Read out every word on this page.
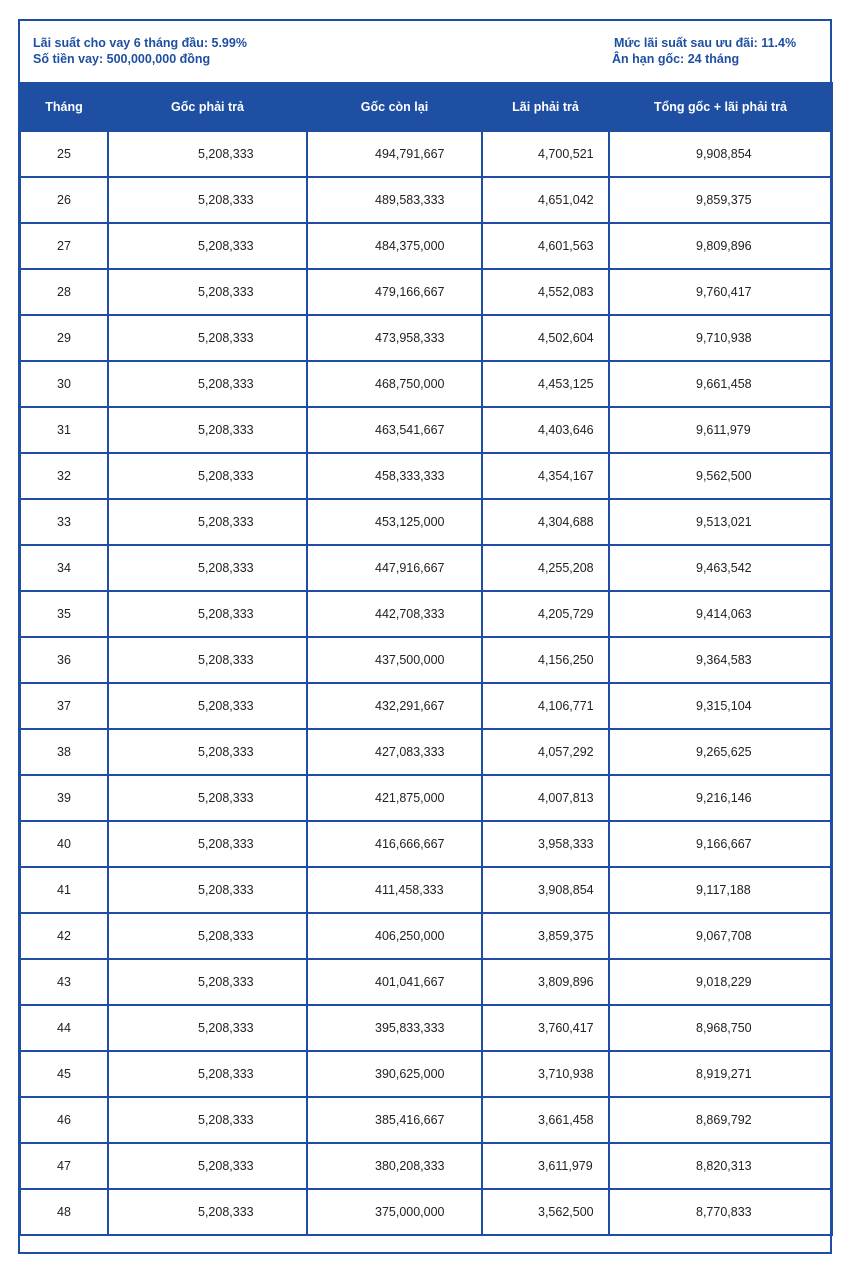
Lãi suất cho vay 6 tháng đầu: 5.99%
Số tiền vay: 500,000,000 đồng
Mức lãi suất sau ưu đãi: 11.4%
Ân hạn gốc: 24 tháng
Tháng	Gốc phải trả	Gốc còn lại	Lãi phải trả	Tổng gốc + lãi phải trả
25	5,208,333	494,791,667	4,700,521	9,908,854
26	5,208,333	489,583,333	4,651,042	9,859,375
27	5,208,333	484,375,000	4,601,563	9,809,896
28	5,208,333	479,166,667	4,552,083	9,760,417
29	5,208,333	473,958,333	4,502,604	9,710,938
30	5,208,333	468,750,000	4,453,125	9,661,458
31	5,208,333	463,541,667	4,403,646	9,611,979
32	5,208,333	458,333,333	4,354,167	9,562,500
33	5,208,333	453,125,000	4,304,688	9,513,021
34	5,208,333	447,916,667	4,255,208	9,463,542
35	5,208,333	442,708,333	4,205,729	9,414,063
36	5,208,333	437,500,000	4,156,250	9,364,583
37	5,208,333	432,291,667	4,106,771	9,315,104
38	5,208,333	427,083,333	4,057,292	9,265,625
39	5,208,333	421,875,000	4,007,813	9,216,146
40	5,208,333	416,666,667	3,958,333	9,166,667
41	5,208,333	411,458,333	3,908,854	9,117,188
42	5,208,333	406,250,000	3,859,375	9,067,708
43	5,208,333	401,041,667	3,809,896	9,018,229
44	5,208,333	395,833,333	3,760,417	8,968,750
45	5,208,333	390,625,000	3,710,938	8,919,271
46	5,208,333	385,416,667	3,661,458	8,869,792
47	5,208,333	380,208,333	3,611,979	8,820,313
48	5,208,333	375,000,000	3,562,500	8,770,833
